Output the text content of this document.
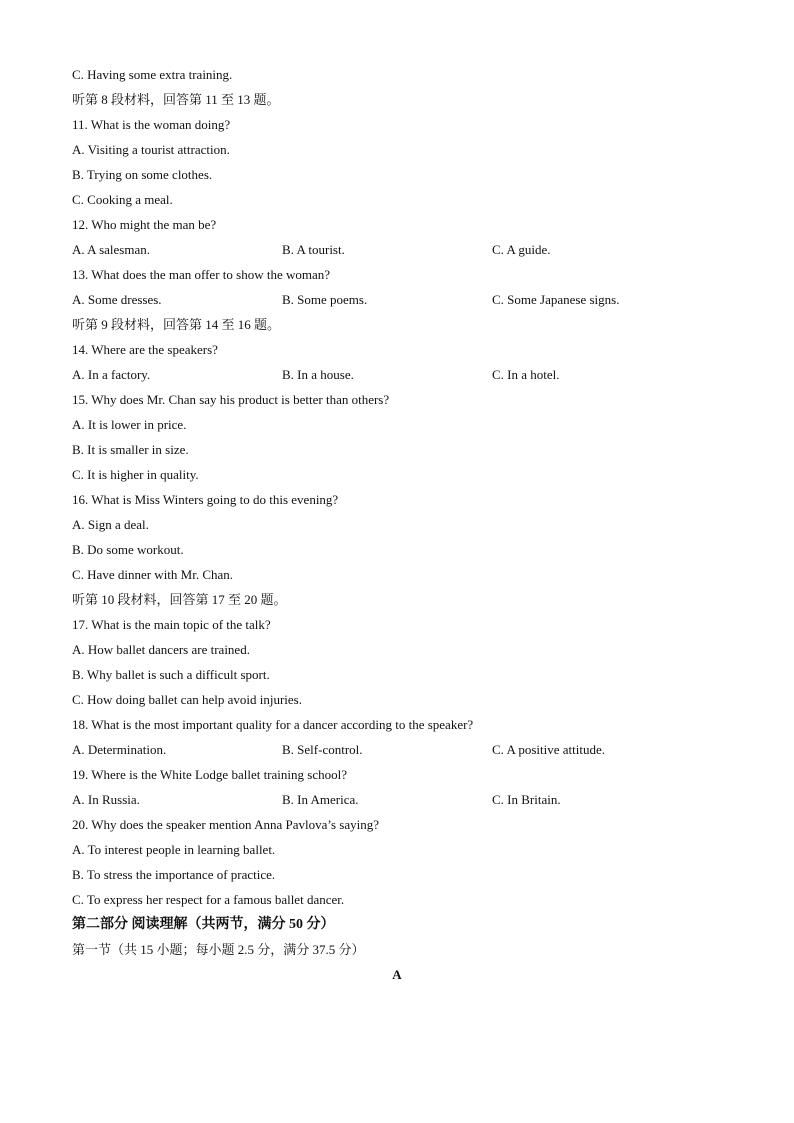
C. Having some extra training.
听第 8 段材料，回答第 11 至 13 题。
11. What is the woman doing?
A. Visiting a tourist attraction.
B. Trying on some clothes.
C. Cooking a meal.
12. Who might the man be?
A. A salesman.	B. A tourist.	C. A guide.
13. What does the man offer to show the woman?
A. Some dresses.	B. Some poems.	C. Some Japanese signs.
听第 9 段材料，回答第 14 至 16 题。
14. Where are the speakers?
A. In a factory.	B. In a house.	C. In a hotel.
15. Why does Mr. Chan say his product is better than others?
A. It is lower in price.
B. It is smaller in size.
C. It is higher in quality.
16. What is Miss Winters going to do this evening?
A. Sign a deal.
B. Do some workout.
C. Have dinner with Mr. Chan.
听第 10 段材料，回答第 17 至 20 题。
17. What is the main topic of the talk?
A. How ballet dancers are trained.
B. Why ballet is such a difficult sport.
C. How doing ballet can help avoid injuries.
18. What is the most important quality for a dancer according to the speaker?
A. Determination.	B. Self-control.	C. A positive attitude.
19. Where is the White Lodge ballet training school?
A. In Russia.	B. In America.	C. In Britain.
20. Why does the speaker mention Anna Pavlova’s saying?
A. To interest people in learning ballet.
B. To stress the importance of practice.
C. To express her respect for a famous ballet dancer.
第二部分 阅读理解（共两节，满分 50 分）
第一节（共 15 小题；每小题 2.5 分，满分 37.5 分）
A
